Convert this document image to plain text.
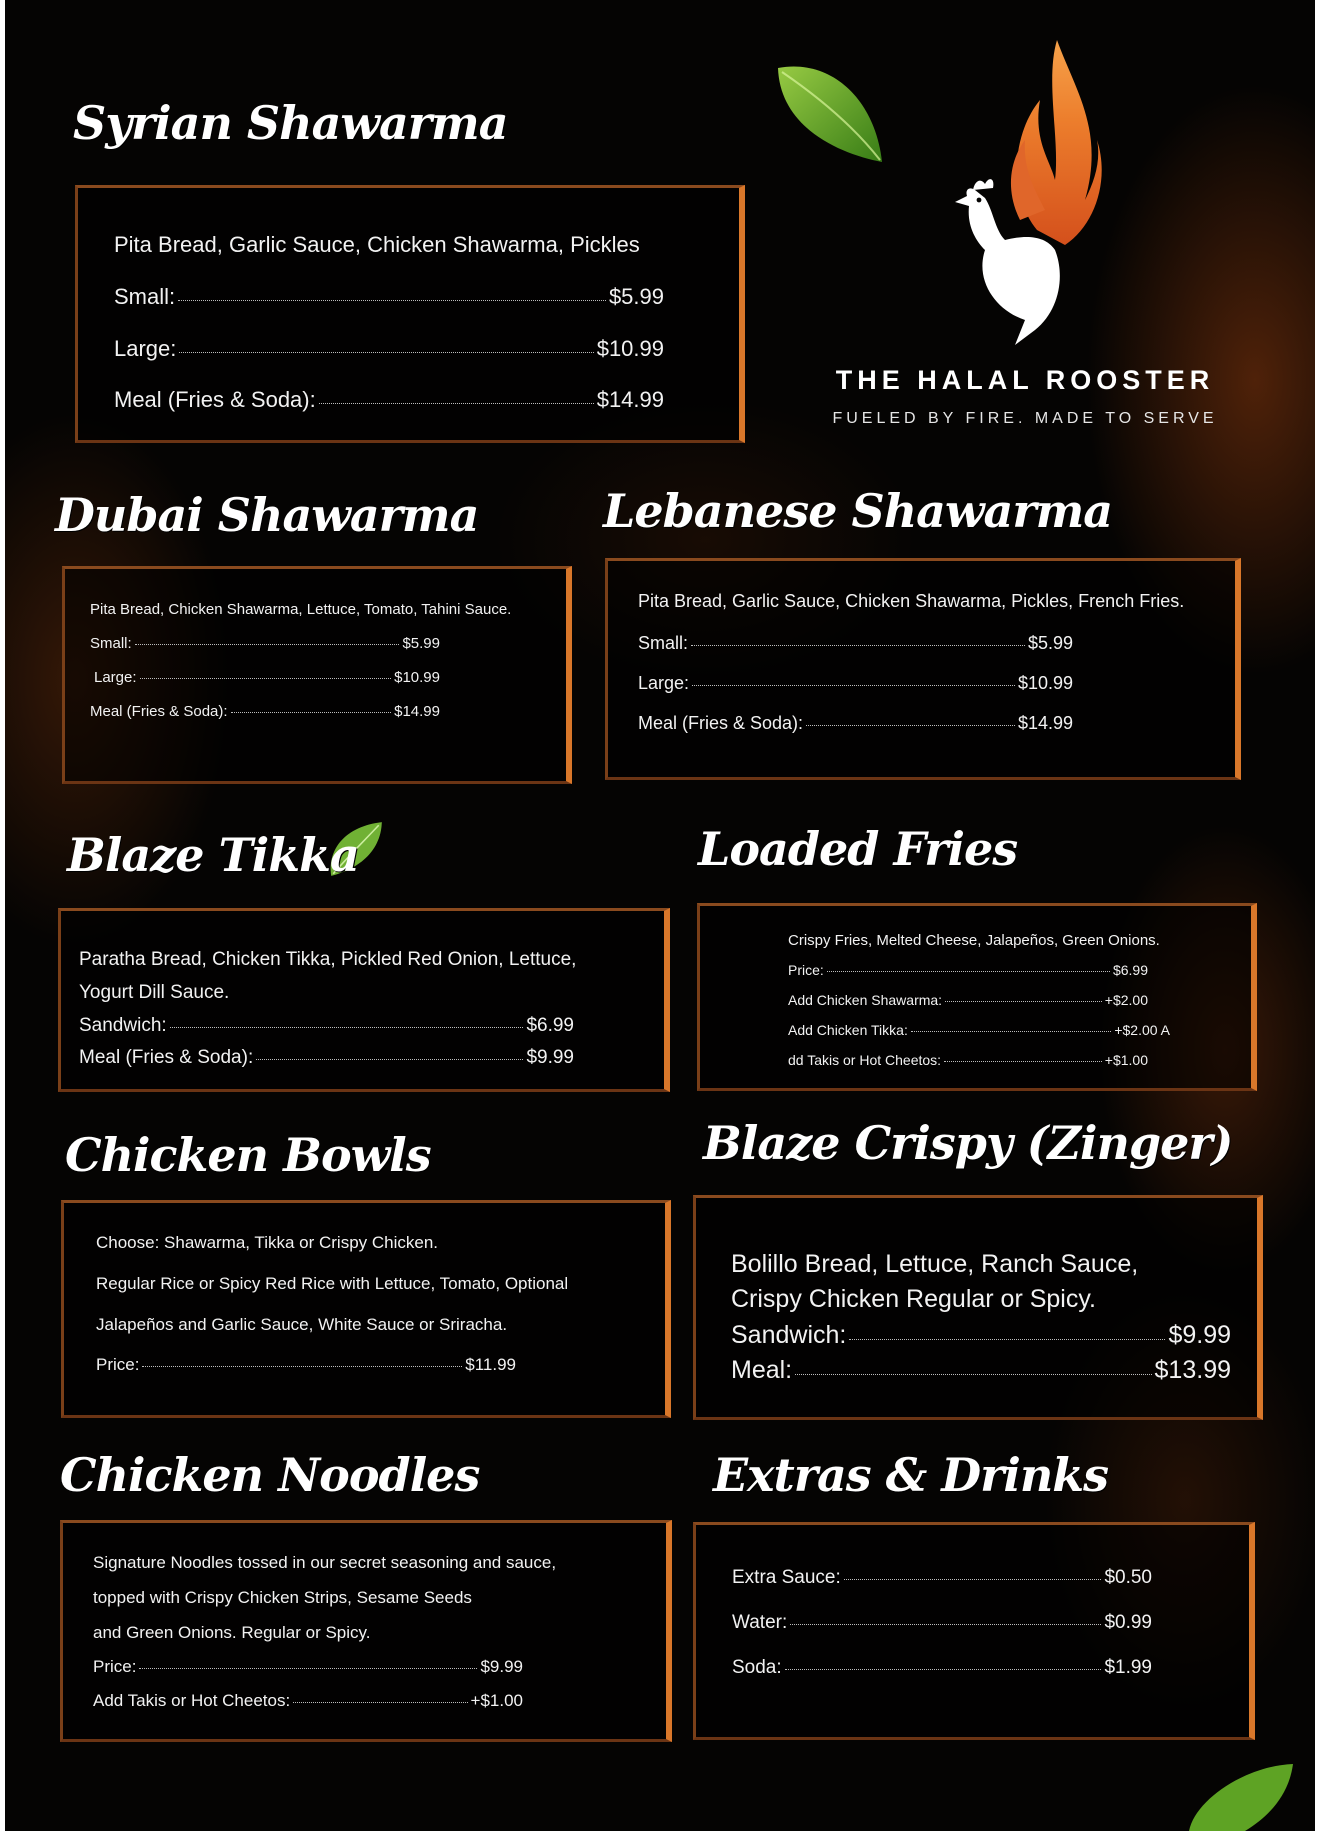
THE HALAL ROOSTER
FUELED BY FIRE. MADE TO SERVE
Syrian Shawarma
Pita Bread, Garlic Sauce, Chicken Shawarma, Pickles
Small:	$5.99
Large:	$10.99
Meal (Fries & Soda):	$14.99
Dubai Shawarma
Pita Bread, Chicken Shawarma, Lettuce, Tomato, Tahini Sauce.
Small:	$5.99
Large:	$10.99
Meal (Fries & Soda):	$14.99
Lebanese Shawarma
Pita Bread, Garlic Sauce, Chicken Shawarma, Pickles, French Fries.
Small:	$5.99
Large:	$10.99
Meal (Fries & Soda):	$14.99
Blaze Tikka
Paratha Bread, Chicken Tikka, Pickled Red Onion, Lettuce,
Yogurt Dill Sauce.
Sandwich:	$6.99
Meal (Fries & Soda):	$9.99
Loaded Fries
Crispy Fries, Melted Cheese, Jalapeños, Green Onions.
Price:	$6.99
Add Chicken Shawarma:	+$2.00
Add Chicken Tikka:	+$2.00 A
dd Takis or Hot Cheetos:	+$1.00
Chicken Bowls
Choose: Shawarma, Tikka or Crispy Chicken.
Regular Rice or Spicy Red Rice with Lettuce, Tomato, Optional
Jalapeños and Garlic Sauce, White Sauce or Sriracha.
Price:	$11.99
Blaze Crispy (Zinger)
Bolillo Bread, Lettuce, Ranch Sauce,
Crispy Chicken Regular or Spicy.
Sandwich:	$9.99
Meal:	$13.99
Chicken Noodles
Signature Noodles tossed in our secret seasoning and sauce,
topped with Crispy Chicken Strips, Sesame Seeds
and Green Onions. Regular or Spicy.
Price:	$9.99
Add Takis or Hot Cheetos:	+$1.00
Extras & Drinks
Extra Sauce:	$0.50
Water:	$0.99
Soda:	$1.99
